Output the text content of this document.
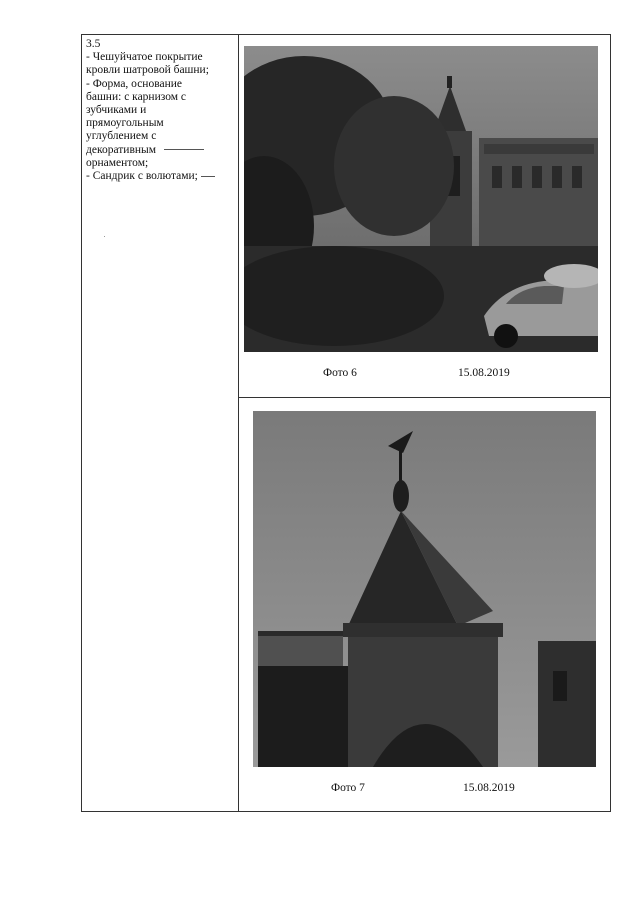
3.5
- Чешуйчатое покрытие
кровли шатровой башни;
- Форма, основание
башни: с карнизом с
зубчиками и
прямоугольным
углублением с
декоративным
орнаментом;
- Сандрик с волютами;
Фото 6	15.08.2019
Фото 7	15.08.2019
